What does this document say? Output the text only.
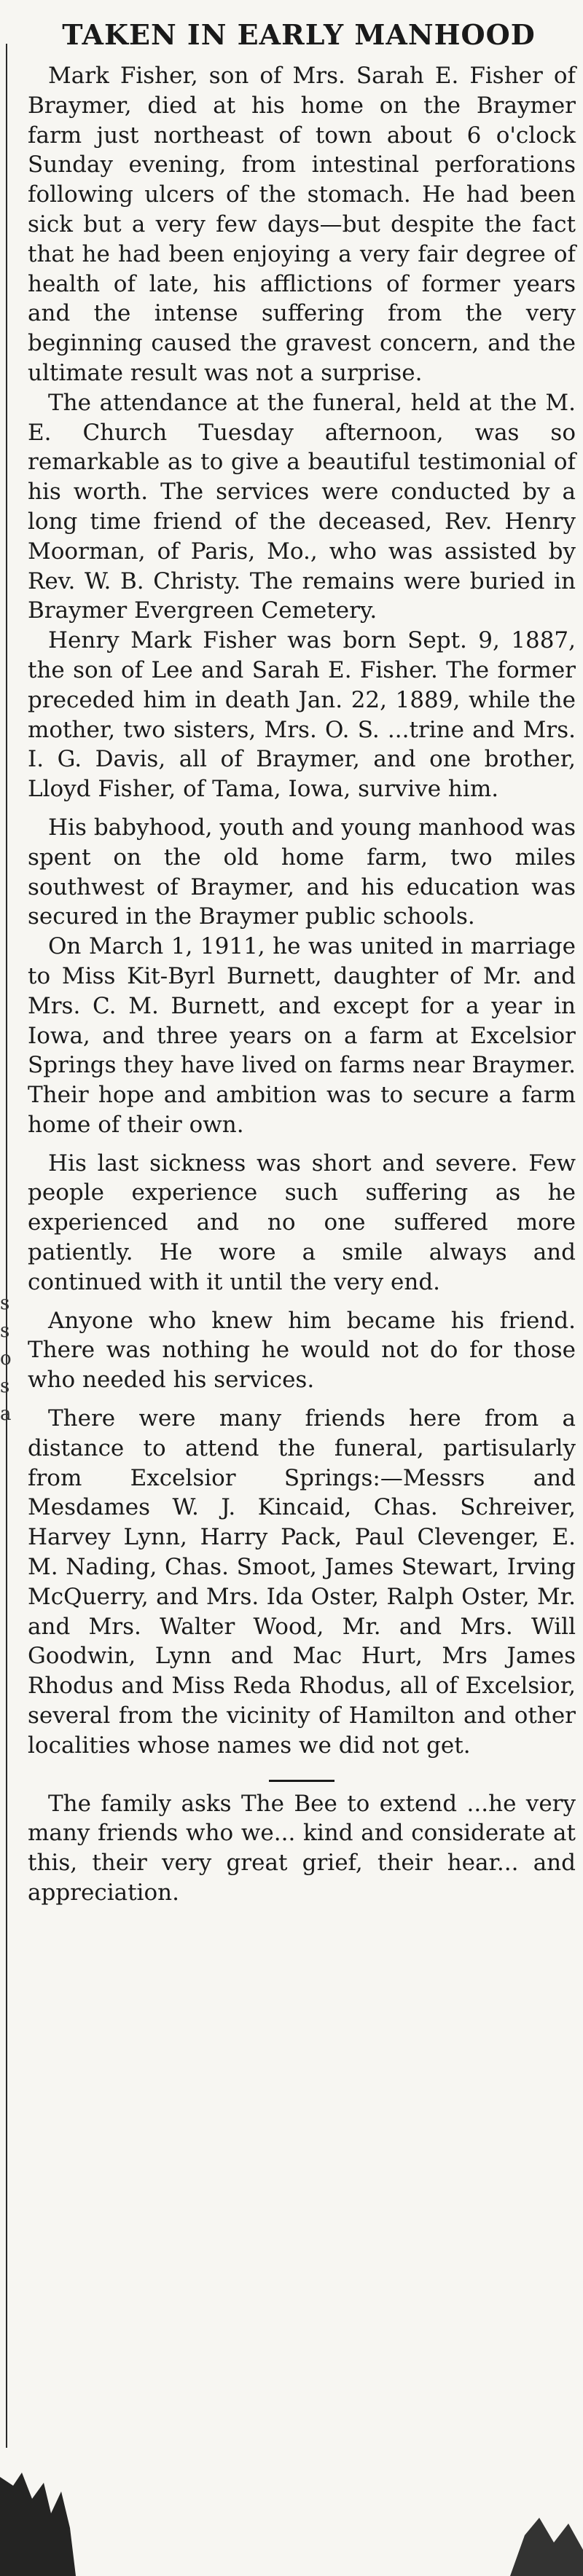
s
s
o
s
a
TAKEN IN EARLY MANHOOD

Mark Fisher, son of Mrs. Sarah E. Fisher of Braymer, died at his home on the Braymer farm just northeast of town about 6 o'clock Sunday evening, from intestinal perforations following ulcers of the stomach. He had been sick but a very few days—but despite the fact that he had been enjoying a very fair degree of health of late, his afflictions of former years and the intense suffering from the very beginning caused the gravest concern, and the ultimate result was not a surprise.

The attendance at the funeral, held at the M. E. Church Tuesday afternoon, was so remarkable as to give a beautiful testimonial of his worth. The services were conducted by a long time friend of the deceased, Rev. Henry Moorman, of Paris, Mo., who was assisted by Rev. W. B. Christy. The remains were buried in Braymer Evergreen Cemetery.

Henry Mark Fisher was born Sept. 9, 1887, the son of Lee and Sarah E. Fisher. The former preceded him in death Jan. 22, 1889, while the mother, two sisters, Mrs. O. S. ...trine and Mrs. I. G. Davis, all of Braymer, and one brother, Lloyd Fisher, of Tama, Iowa, survive him.

His babyhood, youth and young manhood was spent on the old home farm, two miles southwest of Braymer, and his education was secured in the Braymer public schools.

On March 1, 1911, he was united in marriage to Miss Kit-Byrl Burnett, daughter of Mr. and Mrs. C. M. Burnett, and except for a year in Iowa, and three years on a farm at Excelsior Springs they have lived on farms near Braymer. Their hope and ambition was to secure a farm home of their own.

His last sickness was short and severe. Few people experience such suffering as he experienced and no one suffered more patiently. He wore a smile always and continued with it until the very end.

Anyone who knew him became his friend. There was nothing he would not do for those who needed his services.

There were many friends here from a distance to attend the funeral, partisularly from Excelsior Springs:—Messrs and Mesdames W. J. Kincaid, Chas. Schreiver, Harvey Lynn, Harry Pack, Paul Clevenger, E. M. Nading, Chas. Smoot, James Stewart, Irving McQuerry, and Mrs. Ida Oster, Ralph Oster, Mr. and Mrs. Walter Wood, Mr. and Mrs. Will Goodwin, Lynn and Mac Hurt, Mrs James Rhodus and Miss Reda Rhodus, all of Excelsior, several from the vicinity of Hamilton and other localities whose names we did not get.

The family asks The Bee to extend ...he very many friends who we... kind and considerate at this, their very great grief, their hear... and appreciation.
